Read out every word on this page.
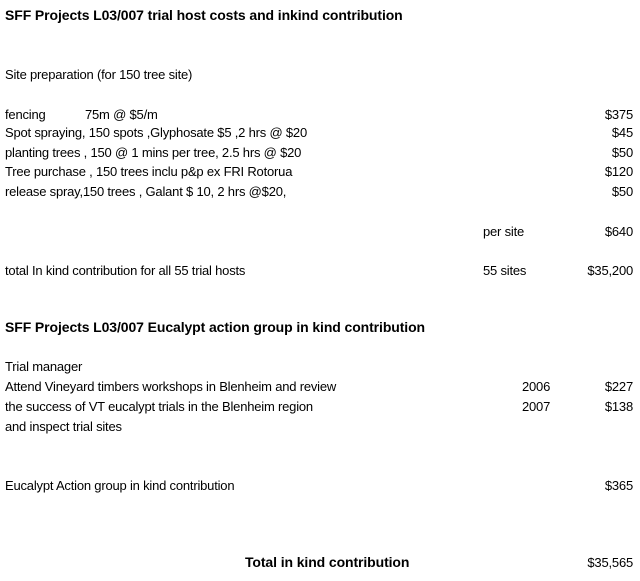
SFF Projects L03/007 trial host costs and inkind contribution
Site preparation (for 150 tree site)
fencing	75m @ $5/m	$375
Spot spraying, 150 spots ,Glyphosate $5 ,2 hrs @ $20	$45
planting trees , 150 @ 1 mins per tree, 2.5 hrs @ $20	$50
Tree purchase , 150 trees inclu p&p ex FRI Rotorua	$120
release spray,150 trees , Galant $ 10, 2 hrs @$20,	$50
per site	$640
total In kind contribution for all 55 trial hosts	55 sites	$35,200
SFF Projects L03/007 Eucalypt action group in kind contribution
Trial manager
Attend Vineyard timbers workshops in Blenheim and review	2006	$227
the success of VT eucalypt trials in the Blenheim region	2007	$138
and inspect trial sites
Eucalypt Action group in kind contribution	$365
Total in kind contribution	$35,565
